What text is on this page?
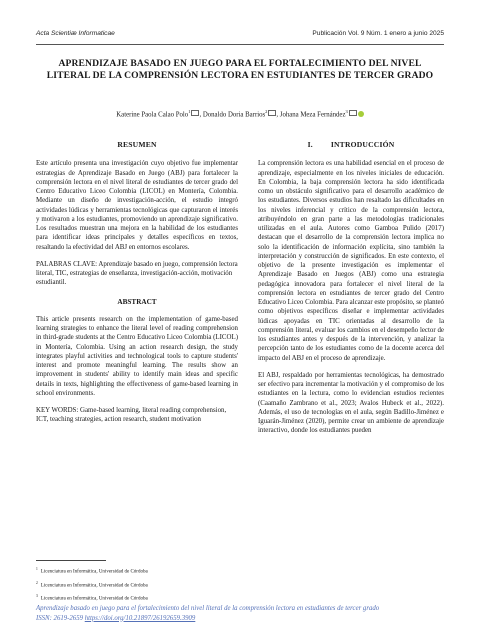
Acta Scientiæ Informaticae	Publicación Vol. 9 Núm. 1 enero a junio 2025
APRENDIZAJE BASADO EN JUEGO PARA EL FORTALECIMIENTO DEL NIVEL LITERAL DE LA COMPRENSIÓN LECTORA EN ESTUDIANTES DE TERCER GRADO
Katerine Paola Calao Polo$^1$ , Donaldo Doria Barrios$^2$ , Johana Meza Fernández$^3$
RESUMEN

Este artículo presenta una investigación cuyo objetivo fue implementar estrategias de Aprendizaje Basado en Juego (ABJ) para fortalecer la comprensión lectora en el nivel literal de estudiantes de tercer grado del Centro Educativo Liceo Colombia (LICOL) en Montería, Colombia. Mediante un diseño de investigación-acción, el estudio integró actividades lúdicas y herramientas tecnológicas que capturaron el interés y motivaron a los estudiantes, promoviendo un aprendizaje significativo. Los resultados muestran una mejora en la habilidad de los estudiantes para identificar ideas principales y detalles específicos en textos, resaltando la efectividad del ABJ en entornos escolares.

PALABRAS CLAVE: Aprendizaje basado en juego, comprensión lectora literal, TIC, estrategias de enseñanza, investigación-acción, motivación estudiantil.

ABSTRACT

This article presents research on the implementation of game-based learning strategies to enhance the literal level of reading comprehension in third-grade students at the Centro Educativo Liceo Colombia (LICOL) in Montería, Colombia. Using an action research design, the study integrates playful activities and technological tools to capture students' interest and promote meaningful learning. The results show an improvement in students' ability to identify main ideas and specific details in texts, highlighting the effectiveness of game-based learning in school environments.

KEY WORDS: Game-based learning, literal reading comprehension, ICT, teaching strategies, action research, student motivation

I. INTRODUCCIÓN

La comprensión lectora es una habilidad esencial en el proceso de aprendizaje, especialmente en los niveles iniciales de educación. En Colombia, la baja comprensión lectora ha sido identificada como un obstáculo significativo para el desarrollo académico de los estudiantes. Diversos estudios han resaltado las dificultades en los niveles inferencial y crítico de la comprensión lectora, atribuyéndolo en gran parte a las metodologías tradicionales utilizadas en el aula. Autores como Gamboa Pulido (2017) destacan que el desarrollo de la comprensión lectora implica no solo la identificación de información explícita, sino también la interpretación y construcción de significados. En este contexto, el objetivo de la presente investigación es implementar el Aprendizaje Basado en Juegos (ABJ) como una estrategia pedagógica innovadora para fortalecer el nivel literal de la comprensión lectora en estudiantes de tercer grado del Centro Educativo Liceo Colombia. Para alcanzar este propósito, se planteó como objetivos específicos diseñar e implementar actividades lúdicas apoyadas en TIC orientadas al desarrollo de la comprensión literal, evaluar los cambios en el desempeño lector de los estudiantes antes y después de la intervención, y analizar la percepción tanto de los estudiantes como de la docente acerca del impacto del ABJ en el proceso de aprendizaje.

El ABJ, respaldado por herramientas tecnológicas, ha demostrado ser efectivo para incrementar la motivación y el compromiso de los estudiantes en la lectura, como lo evidencian estudios recientes (Caamaño Zambrano et al., 2023; Avalos Hubeck et al., 2022). Además, el uso de tecnologías en el aula, según Badillo-Jiménez e Iguarán-Jiménez (2020), permite crear un ambiente de aprendizaje interactivo, donde los estudiantes pueden

$^1$Licenciatura en Informática, Universidad de Córdoba
$^2$Licenciatura en Informática, Universidad de Córdoba
$^3$Licenciatura en Informática, Universidad de Córdoba
Aprendizaje basado en juego para el fortalecimiento del nivel literal de la comprensión lectora en estudiantes de tercer grado
ISSN: 2619-2659 https://doi.org/10.21897/26192659.3909
